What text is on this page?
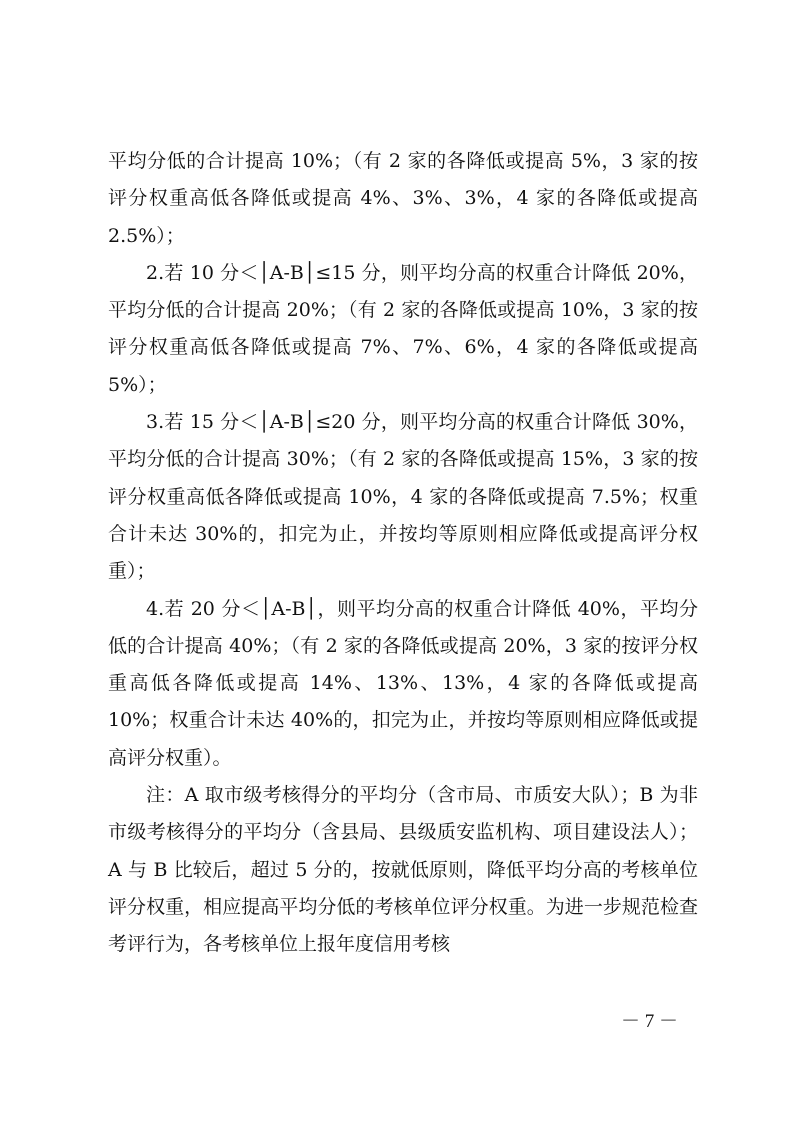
平均分低的合计提高 10%；（有 2 家的各降低或提高 5%，3 家的按评分权重高低各降低或提高 4%、3%、3%，4 家的各降低或提高 2.5%）；

2.若 10 分＜│A-B│≤15 分，则平均分高的权重合计降低 20%，平均分低的合计提高 20%；（有 2 家的各降低或提高 10%，3 家的按评分权重高低各降低或提高 7%、7%、6%，4 家的各降低或提高 5%）；

3.若 15 分＜│A-B│≤20 分，则平均分高的权重合计降低 30%，平均分低的合计提高 30%；（有 2 家的各降低或提高 15%，3 家的按评分权重高低各降低或提高 10%，4 家的各降低或提高 7.5%；权重合计未达 30%的，扣完为止，并按均等原则相应降低或提高评分权重）；

4.若 20 分＜│A-B│，则平均分高的权重合计降低 40%，平均分低的合计提高 40%；（有 2 家的各降低或提高 20%，3 家的按评分权重高低各降低或提高 14%、13%、13%，4 家的各降低或提高 10%；权重合计未达 40%的，扣完为止，并按均等原则相应降低或提高评分权重）。

注：A 取市级考核得分的平均分（含市局、市质安大队）；B 为非市级考核得分的平均分（含县局、县级质安监机构、项目建设法人）；A 与 B 比较后，超过 5 分的，按就低原则，降低平均分高的考核单位评分权重，相应提高平均分低的考核单位评分权重。为进一步规范检查考评行为，各考核单位上报年度信用考核

－ 7 －
